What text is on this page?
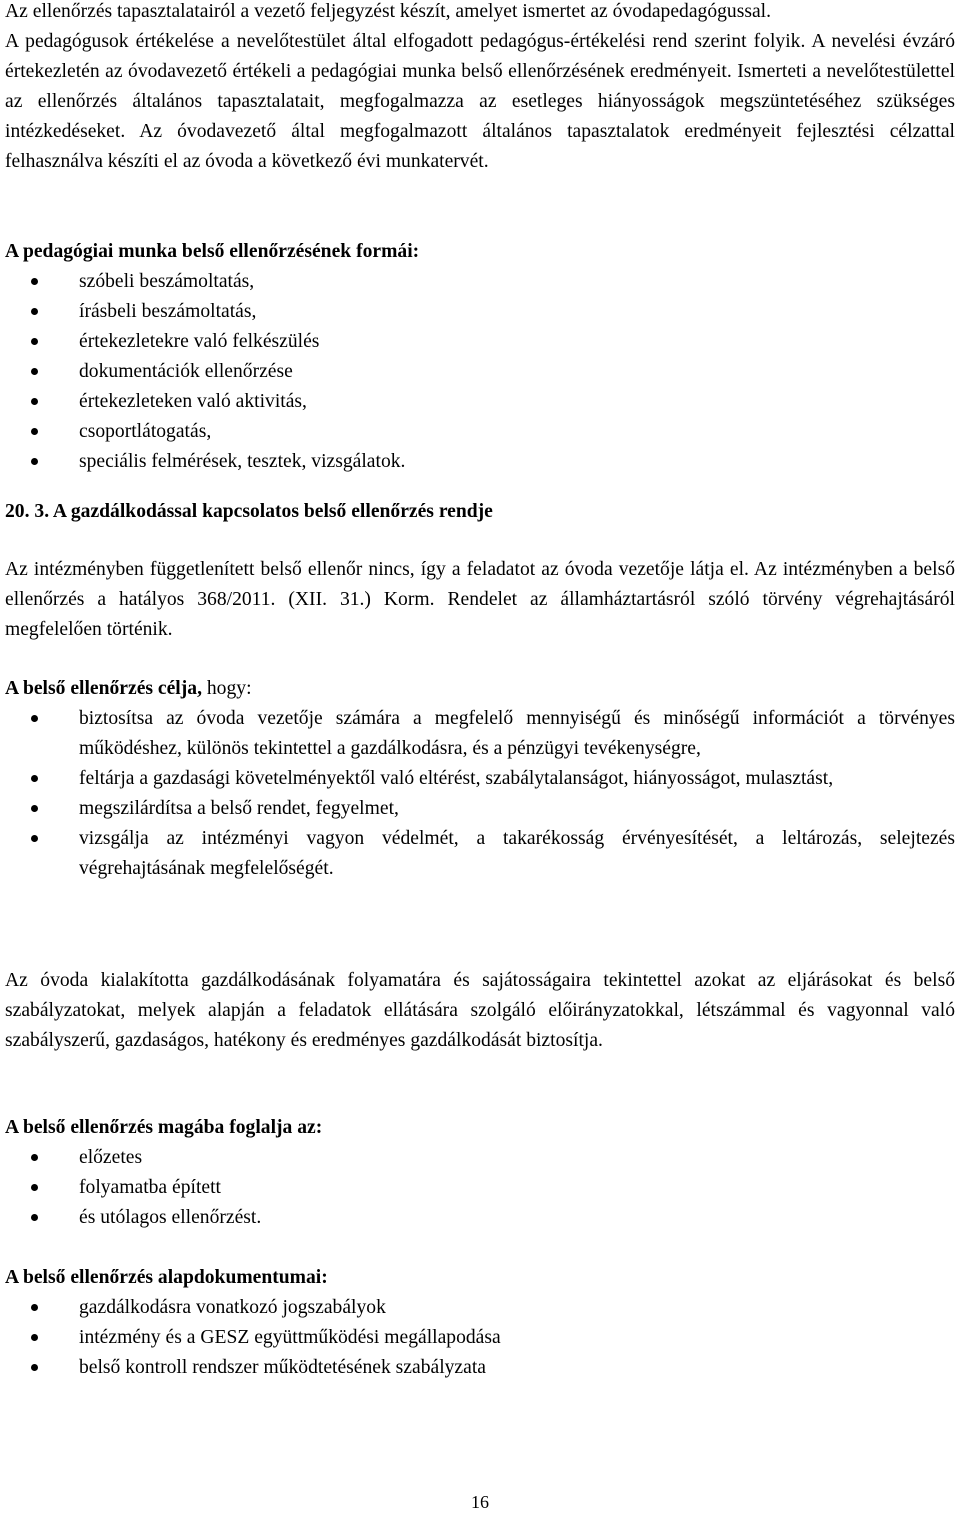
Az ellenőrzés tapasztalatairól a vezető feljegyzést készít, amelyet ismertet az óvodapedagógussal.

A pedagógusok értékelése a nevelőtestület által elfogadott pedagógus-értékelési rend szerint folyik. A nevelési évzáró értekezletén az óvodavezető értékeli a pedagógiai munka belső ellenőrzésének eredményeit. Ismerteti a nevelőtestülettel az ellenőrzés általános tapasztalatait, megfogalmazza az esetleges hiányosságok megszüntetéséhez szükséges intézkedéseket. Az óvodavezető által megfogalmazott általános tapasztalatok eredményeit fejlesztési célzattal felhasználva készíti el az óvoda a következő évi munkatervét.

A pedagógiai munka belső ellenőrzésének formái:

szóbeli beszámoltatás,
írásbeli beszámoltatás,
értekezletekre való felkészülés
dokumentációk ellenőrzése
értekezleteken való aktivitás,
csoportlátogatás,
speciális felmérések, tesztek, vizsgálatok.

20. 3. A gazdálkodással kapcsolatos belső ellenőrzés rendje

Az intézményben függetlenített belső ellenőr nincs, így a feladatot az óvoda vezetője látja el. Az intézményben a belső ellenőrzés a hatályos 368/2011. (XII. 31.) Korm. Rendelet az államháztartásról szóló törvény végrehajtásáról megfelelően történik.

A belső ellenőrzés célja, hogy:

biztosítsa az óvoda vezetője számára a megfelelő mennyiségű és minőségű információt a törvényes működéshez, különös tekintettel a gazdálkodásra, és a pénzügyi tevékenységre,
feltárja a gazdasági követelményektől való eltérést, szabálytalanságot, hiányosságot, mulasztást,
megszilárdítsa a belső rendet, fegyelmet,
vizsgálja az intézményi vagyon védelmét, a takarékosság érvényesítését, a leltározás, selejtezés végrehajtásának megfelelőségét.

Az óvoda kialakította gazdálkodásának folyamatára és sajátosságaira tekintettel azokat az eljárásokat és belső szabályzatokat, melyek alapján a feladatok ellátására szolgáló előirányzatokkal, létszámmal és vagyonnal való szabályszerű, gazdaságos, hatékony és eredményes gazdálkodását biztosítja.

A belső ellenőrzés magába foglalja az:

előzetes
folyamatba épített
és utólagos ellenőrzést.

A belső ellenőrzés alapdokumentumai:

gazdálkodásra vonatkozó jogszabályok
intézmény és a GESZ együttműködési megállapodása
belső kontroll rendszer működtetésének szabályzata
16
